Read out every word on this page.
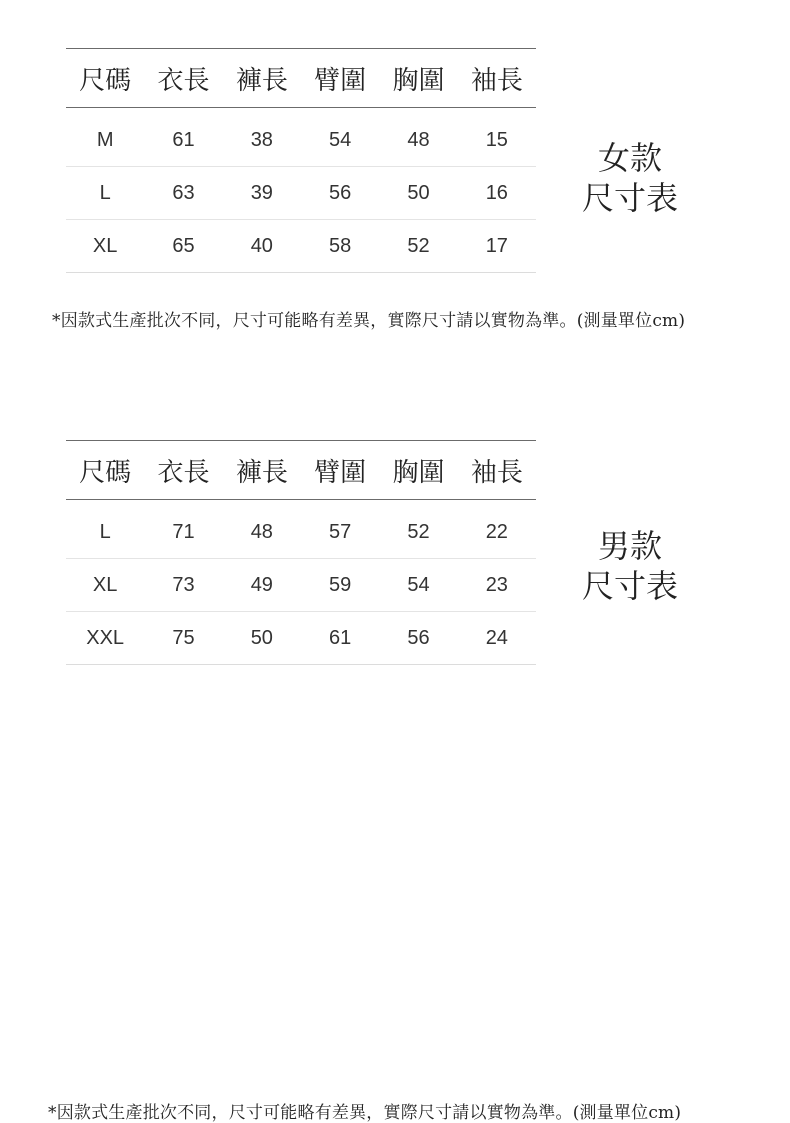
尺碼	衣長	褲長	臂圍	胸圍	袖長
M	61	38	54	48	15
L	63	39	56	50	16
XL	65	40	58	52	17
女款
尺寸表
*因款式生產批次不同，尺寸可能略有差異，實際尺寸請以實物為準。(測量單位cm)
尺碼	衣長	褲長	臂圍	胸圍	袖長
L	71	48	57	52	22
XL	73	49	59	54	23
XXL	75	50	61	56	24
男款
尺寸表
*因款式生產批次不同，尺寸可能略有差異，實際尺寸請以實物為準。(測量單位cm)
